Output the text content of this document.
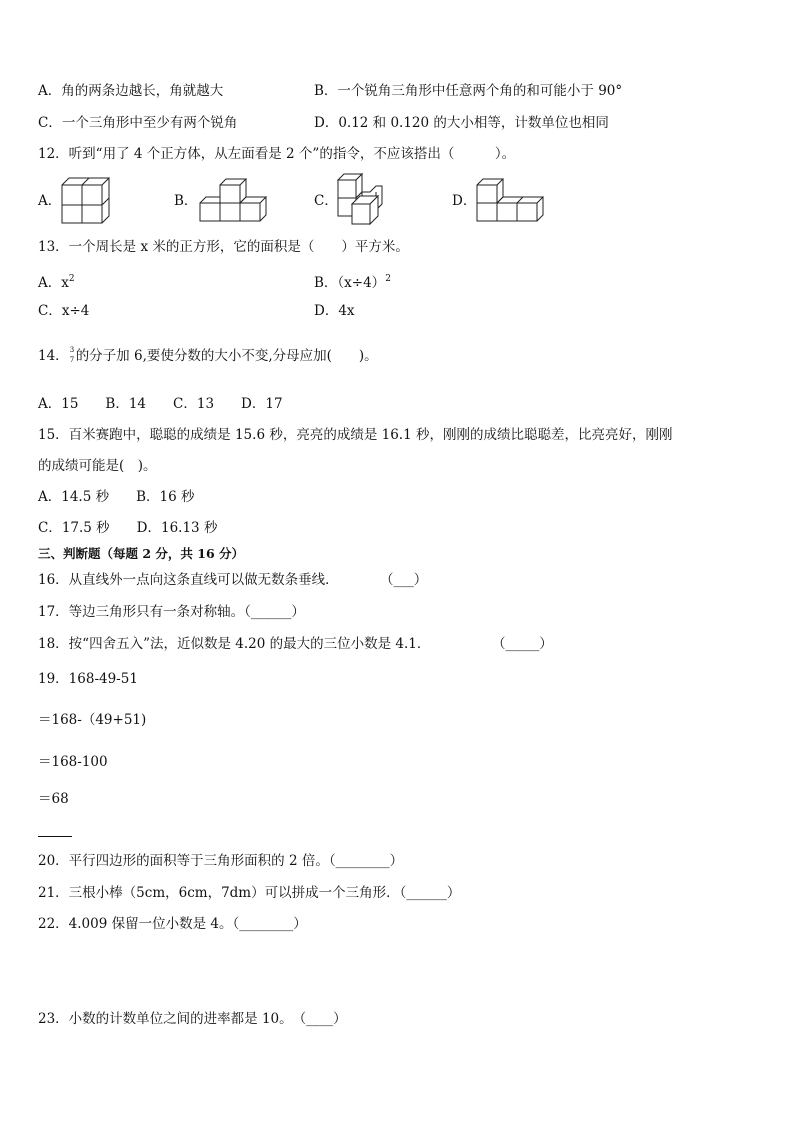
A．角的两条边越长，角就越大	B．一个锐角三角形中任意两个角的和可能小于 90°
C．一个三角形中至少有两个锐角	D．0.12 和 0.120 的大小相等，计数单位也相同
12．听到“用了 4 个正方体，从左面看是 2 个”的指令，不应该搭出（　　　）。
A．	B．	C．	D．
13．一个周长是 x 米的正方形，它的面积是（　　）平方米。
A．$x^2$	B．$(x\div 4)^2$
C．x÷4	D．4x
14． 3
7 的分子加 6,要使分数的大小不变,分母应加(　　)。
A．15　　B．14　　C．13　　D．17
15．百米赛跑中，聪聪的成绩是 15.6 秒，亮亮的成绩是 16.1 秒，刚刚的成绩比聪聪差，比亮亮好，刚刚
的成绩可能是(　)。
A．14.5 秒　　B．16 秒
C．17.5 秒　　D．16.13 秒
三、判断题（每题 2 分，共 16 分）
16．从直线外一点向这条直线可以做无数条垂线．	（___）
17．等边三角形只有一条对称轴。（______）
18．按“四舍五入”法，近似数是 4.20 的最大的三位小数是 4.1．	（_____）
19．168-49-51
＝168-（49+51)
＝168-100
＝68
20．平行四边形的面积等于三角形面积的 2 倍。（________）
21．三根小棒（5cm，6cm，7dm）可以拼成一个三角形．（______）
22．4.009 保留一位小数是 4。（________）
23．小数的计数单位之间的进率都是 10。　（____）
